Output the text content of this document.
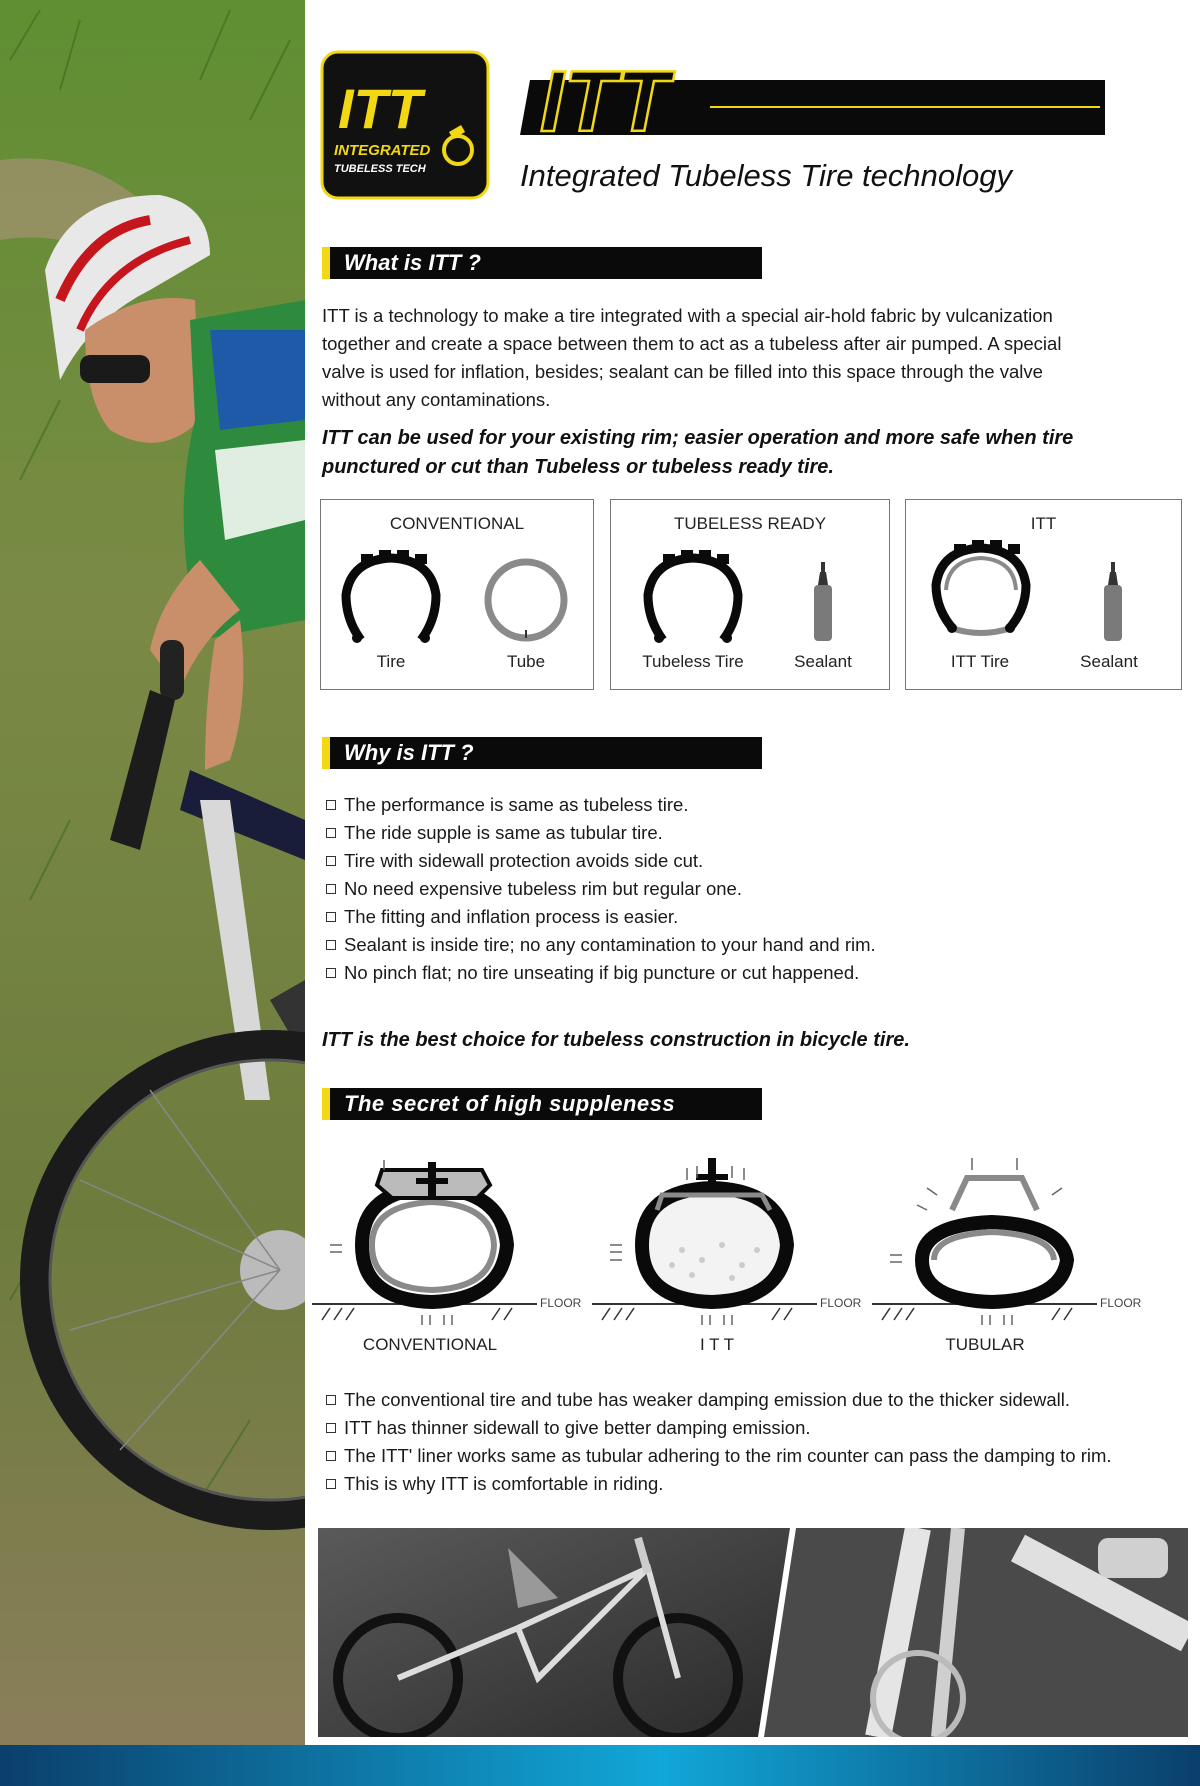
ITT
INTEGRATED
TUBELESS TECH
ITT
Integrated Tubeless Tire technology
What is ITT ?
ITT is a technology to make a tire integrated with a special air-hold fabric by vulcanization
together and create a space between them to act as a tubeless after air pumped. A special
valve is used for inflation, besides; sealant can be filled into this space through the valve
without any contaminations.
ITT can be used for your existing rim; easier operation and more safe when tire
punctured or cut than Tubeless or tubeless ready tire.
CONVENTIONAL
Tire	Tube
TUBELESS READY
Tubeless Tire	Sealant
ITT
ITT Tire	Sealant
Why is ITT ?
The performance is same as tubeless tire.
The ride supple is same as tubular tire.
Tire with sidewall protection avoids side cut.
No need expensive tubeless rim but regular one.
The fitting and inflation process is easier.
Sealant is inside tire; no any contamination to your hand and rim.
No pinch flat; no tire unseating if big puncture or cut happened.
ITT is the best choice for tubeless construction in bicycle tire.
The secret of high suppleness
FLOOR	FLOOR	FLOOR
CONVENTIONAL	I T T	TUBULAR
The conventional tire and tube has weaker damping emission due to the thicker sidewall.
ITT has thinner sidewall to give better damping emission.
The ITT' liner works same as tubular adhering to the rim counter can pass the damping to rim.
This is why ITT is comfortable in riding.
